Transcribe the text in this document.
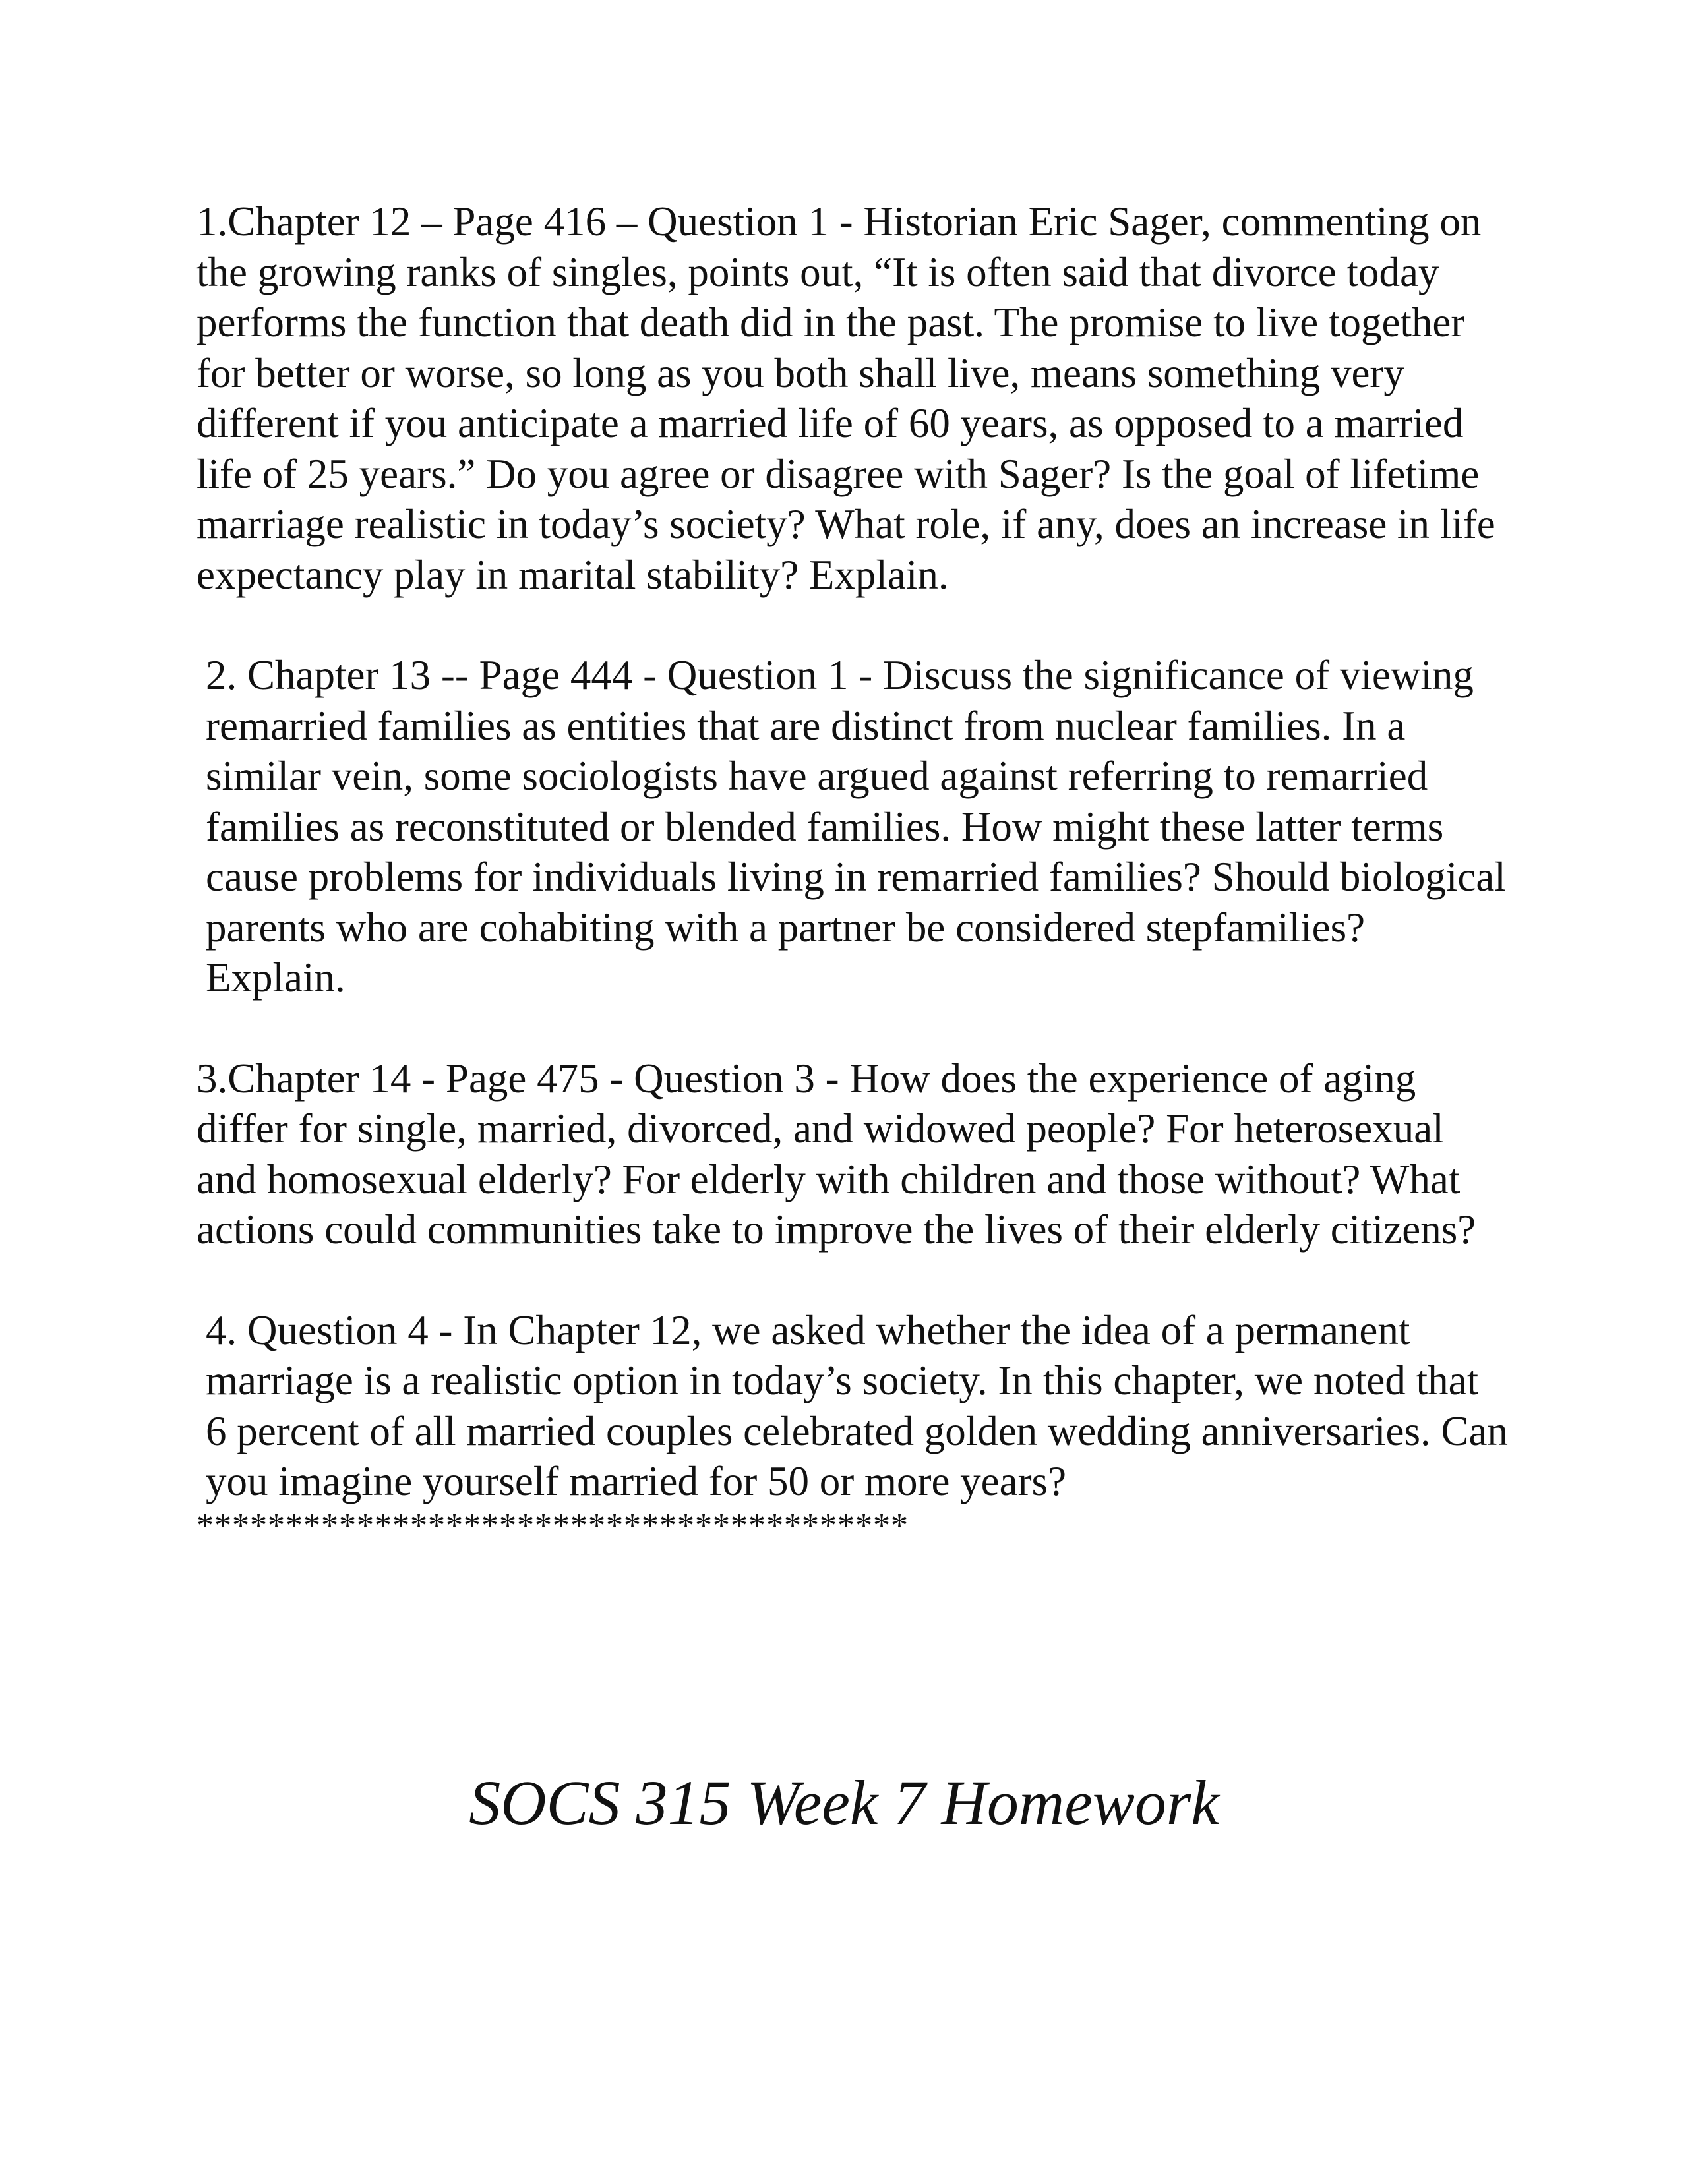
1.Chapter 12 – Page 416 – Question 1 - Historian Eric Sager, commenting on the growing ranks of singles, points out, “It is often said that divorce today performs the function that death did in the past. The promise to live together for better or worse, so long as you both shall live, means something very different if you anticipate a married life of 60 years, as opposed to a married life of 25 years.” Do you agree or disagree with Sager? Is the goal of lifetime marriage realistic in today’s society? What role, if any, does an increase in life expectancy play in marital stability? Explain.

2. Chapter 13 -- Page 444 - Question 1 - Discuss the significance of viewing remarried families as entities that are distinct from nuclear families. In a similar vein, some sociologists have argued against referring to remarried families as reconstituted or blended families. How might these latter terms cause problems for individuals living in remarried families? Should biological parents who are cohabiting with a partner be considered stepfamilies? Explain.

3.Chapter 14 - Page 475 - Question 3 - How does the experience of aging differ for single, married, divorced, and widowed people? For heterosexual and homosexual elderly? For elderly with children and those without? What actions could communities take to improve the lives of their elderly citizens?

4. Question 4 - In Chapter 12, we asked whether the idea of a permanent marriage is a realistic option in today’s society. In this chapter, we noted that 6 percent of all married couples celebrated golden wedding anniversaries. Can you imagine yourself married for 50 or more years?

****************************************

SOCS 315 Week 7 Homework
